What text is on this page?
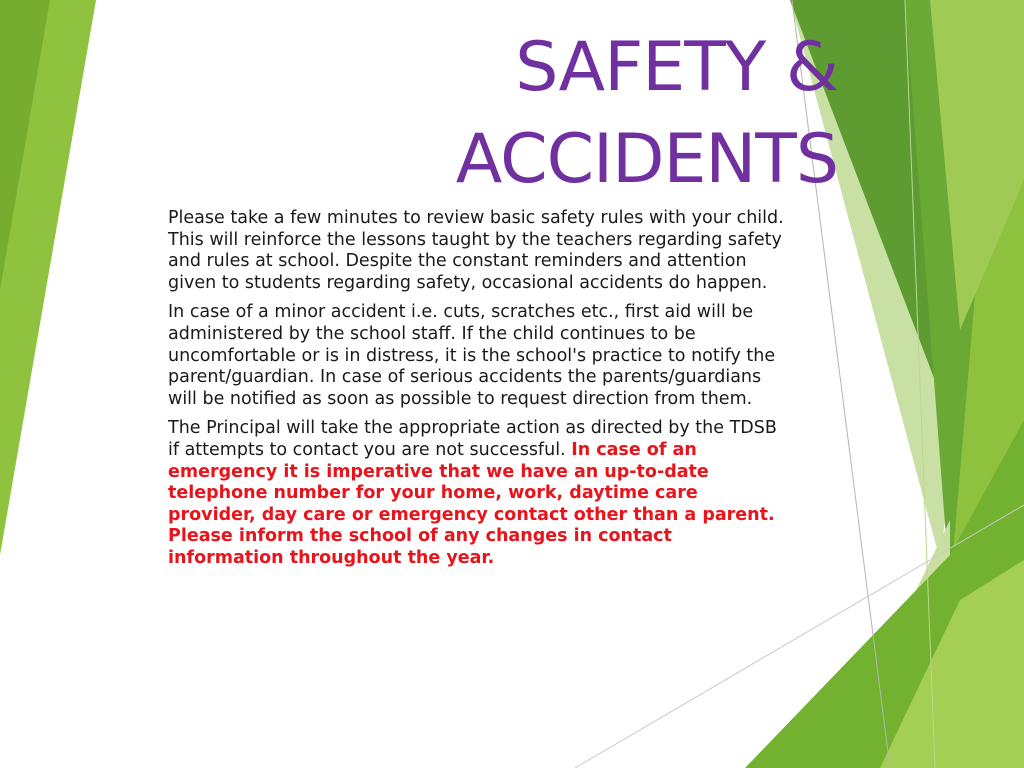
SAFETY &
ACCIDENTS

Please take a few minutes to review basic safety rules with your child. This will reinforce the lessons taught by the teachers regarding safety and rules at school. Despite the constant reminders and attention given to students regarding safety, occasional accidents do happen.

In case of a minor accident i.e. cuts, scratches etc., first aid will be administered by the school staff. If the child continues to be uncomfortable or is in distress, it is the school's practice to notify the parent/guardian. In case of serious accidents the parents/guardians will be notified as soon as possible to request direction from them.

The Principal will take the appropriate action as directed by the TDSB if attempts to contact you are not successful. In case of an emergency it is imperative that we have an up-to-date telephone number for your home, work, daytime care provider, day care or emergency contact other than a parent. Please inform the school of any changes in contact information throughout the year.
